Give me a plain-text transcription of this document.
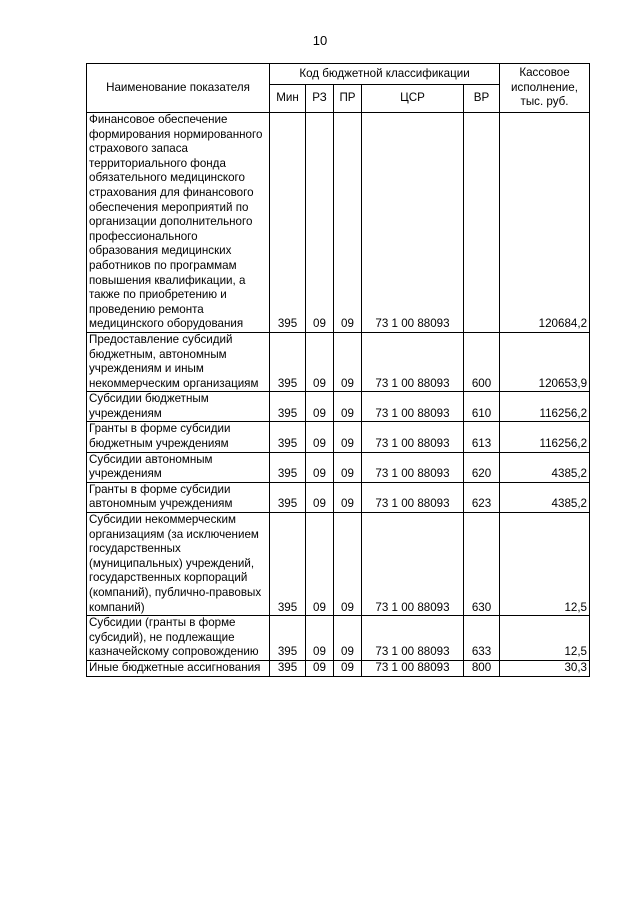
10
Наименование показателя	Код бюджетной классификации					Кассовое исполнение, тыс. руб.
	Мин	РЗ	ПР	ЦСР	ВР	
Финансовое обеспечение формирования нормированного страхового запаса территориального фонда обязательного медицинского страхования для финансового обеспечения мероприятий по организации дополнительного профессионального образования медицинских работников по программам повышения квалификации, а также по приобретению и проведению ремонта медицинского оборудования	395	09	09	73 1 00 88093		120684,2
Предоставление субсидий бюджетным, автономным учреждениям и иным некоммерческим организациям	395	09	09	73 1 00 88093	600	120653,9
Субсидии бюджетным учреждениям	395	09	09	73 1 00 88093	610	116256,2
Гранты в форме субсидии бюджетным учреждениям	395	09	09	73 1 00 88093	613	116256,2
Субсидии автономным учреждениям	395	09	09	73 1 00 88093	620	4385,2
Гранты в форме субсидии автономным учреждениям	395	09	09	73 1 00 88093	623	4385,2
Субсидии некоммерческим организациям (за исключением государственных (муниципальных) учреждений, государственных корпораций (компаний), публично-правовых компаний)	395	09	09	73 1 00 88093	630	12,5
Субсидии (гранты в форме субсидий), не подлежащие казначейскому сопровождению	395	09	09	73 1 00 88093	633	12,5
Иные бюджетные ассигнования	395	09	09	73 1 00 88093	800	30,3
